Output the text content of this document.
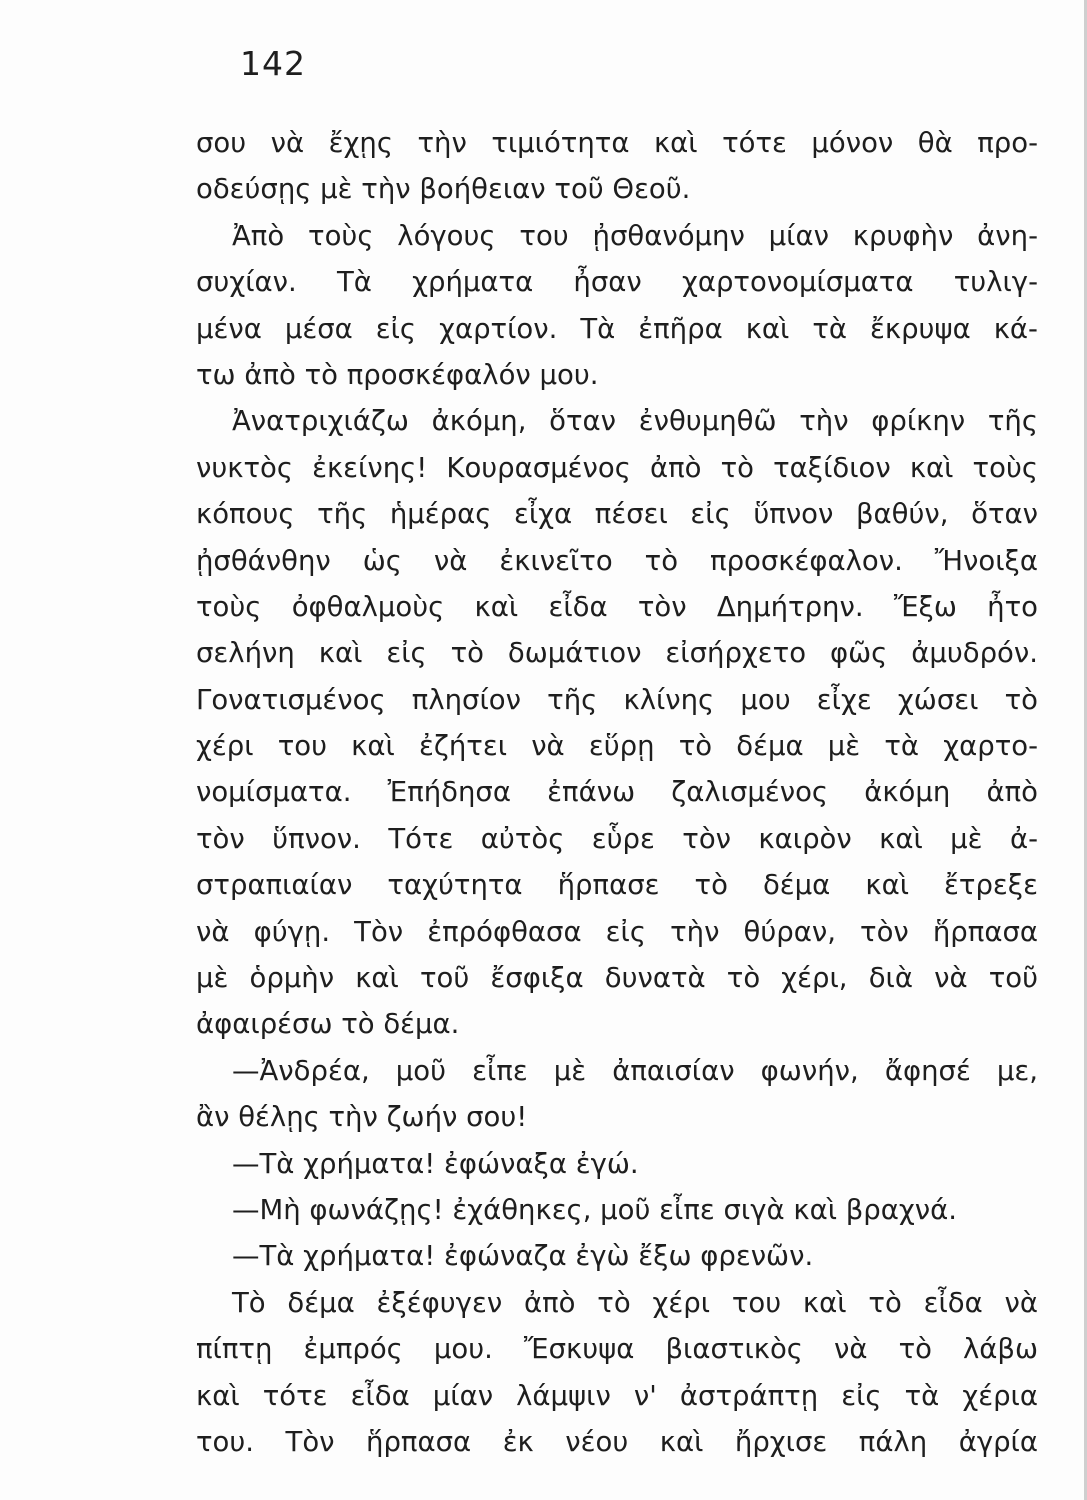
142
σου νὰ ἔχῃς τὴν τιμιότητα καὶ τότε μόνον θὰ προ-
οδεύσῃς μὲ τὴν βοήθειαν τοῦ Θεοῦ.
Ἀπὸ τοὺς λόγους του ᾐσθανόμην μίαν κρυφὴν ἀνη-
συχίαν. Τὰ χρήματα ἦσαν χαρτονομίσματα τυλιγ-
μένα μέσα εἰς χαρτίον. Τὰ ἐπῆρα καὶ τὰ ἔκρυψα κά-
τω ἀπὸ τὸ προσκέφαλόν μου.
Ἀνατριχιάζω ἀκόμη, ὅταν ἐνθυμηθῶ τὴν φρίκην τῆς
νυκτὸς ἐκείνης! Κουρασμένος ἀπὸ τὸ ταξίδιον καὶ τοὺς
κόπους τῆς ἡμέρας εἶχα πέσει εἰς ὕπνον βαθύν, ὅταν
ᾐσθάνθην ὡς νὰ ἐκινεῖτο τὸ προσκέφαλον. Ἤνοιξα
τοὺς ὀφθαλμοὺς καὶ εἶδα τὸν Δημήτρην. Ἔξω ἦτο
σελήνη καὶ εἰς τὸ δωμάτιον εἰσήρχετο φῶς ἀμυδρόν.
Γονατισμένος πλησίον τῆς κλίνης μου εἶχε χώσει τὸ
χέρι του καὶ ἐζήτει νὰ εὕρῃ τὸ δέμα μὲ τὰ χαρτο-
νομίσματα. Ἐπήδησα ἐπάνω ζαλισμένος ἀκόμη ἀπὸ
τὸν ὕπνον. Τότε αὐτὸς εὗρε τὸν καιρὸν καὶ μὲ ἀ-
στραπιαίαν ταχύτητα ἥρπασε τὸ δέμα καὶ ἔτρεξε
νὰ φύγῃ. Τὸν ἐπρόφθασα εἰς τὴν θύραν, τὸν ἥρπασα
μὲ ὁρμὴν καὶ τοῦ ἔσφιξα δυνατὰ τὸ χέρι, διὰ νὰ τοῦ
ἀφαιρέσω τὸ δέμα.
—Ἀνδρέα, μοῦ εἶπε μὲ ἀπαισίαν φωνήν, ἄφησέ με,
ἂν θέλῃς τὴν ζωήν σου!
—Τὰ χρήματα! ἐφώναξα ἐγώ.
—Μὴ φωνάζῃς! ἐχάθηκες, μοῦ εἶπε σιγὰ καὶ βραχνά.
—Τὰ χρήματα! ἐφώναζα ἐγὼ ἔξω φρενῶν.
Τὸ δέμα ἐξέφυγεν ἀπὸ τὸ χέρι του καὶ τὸ εἶδα νὰ
πίπτῃ ἐμπρός μου. Ἔσκυψα βιαστικὸς νὰ τὸ λάβω
καὶ τότε εἶδα μίαν λάμψιν ν' ἀστράπτῃ εἰς τὰ χέρια
του. Τὸν ἥρπασα ἐκ νέου καὶ ἤρχισε πάλη ἀγρία
